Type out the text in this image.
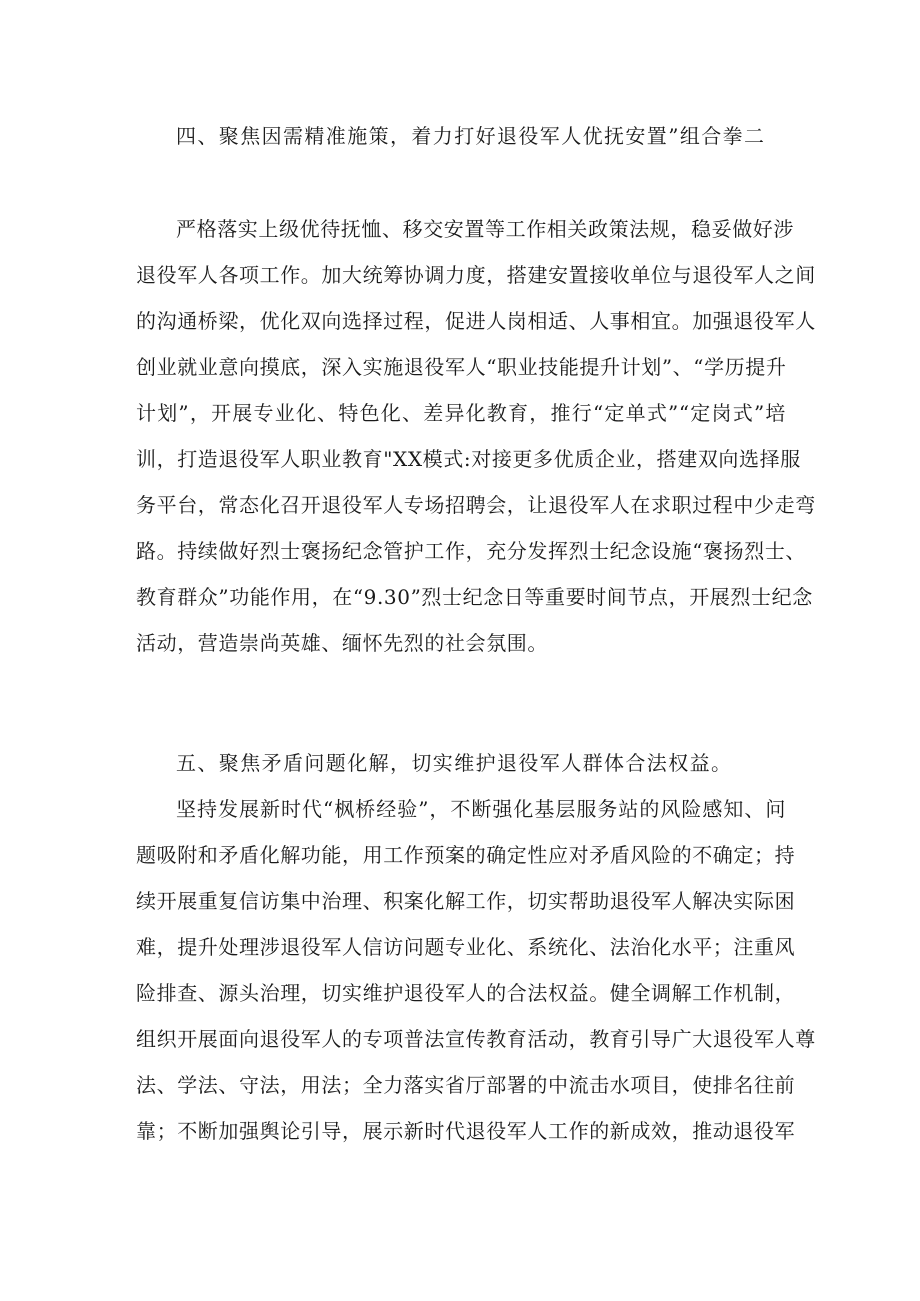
四、聚焦因需精准施策，着力打好退役军人优抚安置”组合拳二
严格落实上级优待抚恤、移交安置等工作相关政策法规，稳妥做好涉
退役军人各项工作。加大统筹协调力度，搭建安置接收单位与退役军人之间
的沟通桥梁，优化双向选择过程，促进人岗相适、人事相宜。加强退役军人
创业就业意向摸底，深入实施退役军人“职业技能提升计划”、“学历提升
计划”，开展专业化、特色化、差异化教育，推行“定单式”“定岗式”培
训，打造退役军人职业教育"XX模式:对接更多优质企业，搭建双向选择服
务平台，常态化召开退役军人专场招聘会，让退役军人在求职过程中少走弯
路。持续做好烈士褒扬纪念管护工作，充分发挥烈士纪念设施“褒扬烈士、
教育群众”功能作用，在“9.30”烈士纪念日等重要时间节点，开展烈士纪念
活动，营造崇尚英雄、缅怀先烈的社会氛围。
五、聚焦矛盾问题化解，切实维护退役军人群体合法权益。
坚持发展新时代“枫桥经验”，不断强化基层服务站的风险感知、问
题吸附和矛盾化解功能，用工作预案的确定性应对矛盾风险的不确定；持
续开展重复信访集中治理、积案化解工作，切实帮助退役军人解决实际困
难，提升处理涉退役军人信访问题专业化、系统化、法治化水平；注重风
险排查、源头治理，切实维护退役军人的合法权益。健全调解工作机制，
组织开展面向退役军人的专项普法宣传教育活动，教育引导广大退役军人尊
法、学法、守法，用法；全力落实省厅部署的中流击水项目，使排名往前
靠；不断加强舆论引导，展示新时代退役军人工作的新成效，推动退役军
